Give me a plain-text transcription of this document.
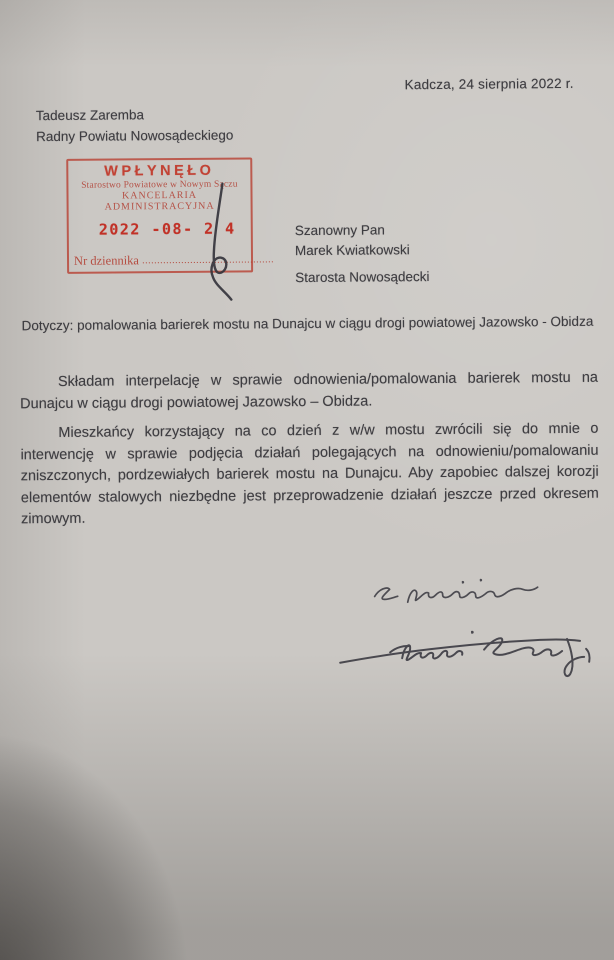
Kadcza, 24 sierpnia 2022 r.
Tadeusz Zaremba
Radny Powiatu Nowosądeckiego
WPŁYNĘŁO
Starostwo Powiatowe w Nowym Sączu
KANCELARIA ADMINISTRACYJNA
2022 -08- 2 4
Nr dziennika ............................................
Szanowny Pan
Marek Kwiatkowski
Starosta Nowosądecki
Dotyczy: pomalowania barierek mostu na Dunajcu w ciągu drogi powiatowej Jazowsko - Obidza
Składam interpelację w sprawie odnowienia/pomalowania barierek mostu na Dunajcu w ciągu drogi powiatowej Jazowsko – Obidza.
Mieszkańcy korzystający na co dzień z w/w mostu zwrócili się do mnie o interwencję w sprawie podjęcia działań polegających na odnowieniu/pomalowaniu zniszczonych, pordzewiałych barierek mostu na Dunajcu. Aby zapobiec dalszej korozji elementów stalowych niezbędne jest przeprowadzenie działań jeszcze przed okresem zimowym.
